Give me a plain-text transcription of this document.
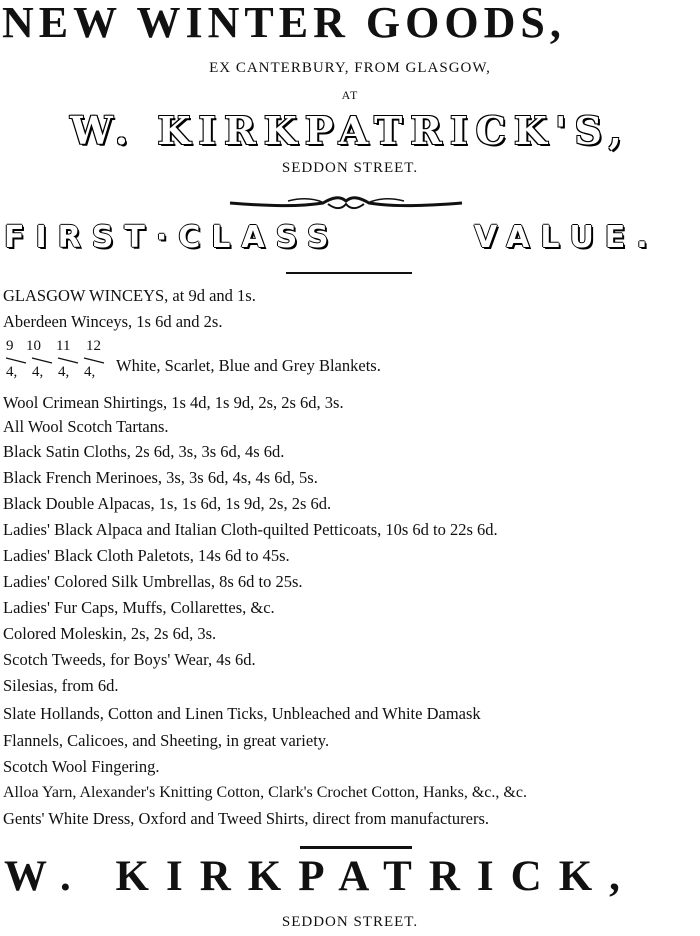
NEW WINTER GOODS,

EX CANTERBURY, FROM GLASGOW,

AT

W. KIRKPATRICK'S,

SEDDON STREET.

FIRST·CLASS	VALUE.

GLASGOW WINCEYS, at 9d and 1s.

Aberdeen Winceys, 1s 6d and 2s.

9 10 11 12
4, 4, 4, 4, White, Scarlet, Blue and Grey Blankets.

Wool Crimean Shirtings, 1s 4d, 1s 9d, 2s, 2s 6d, 3s.

All Wool Scotch Tartans.

Black Satin Cloths, 2s 6d, 3s, 3s 6d, 4s 6d.

Black French Merinoes, 3s, 3s 6d, 4s, 4s 6d, 5s.

Black Double Alpacas, 1s, 1s 6d, 1s 9d, 2s, 2s 6d.

Ladies' Black Alpaca and Italian Cloth-quilted Petticoats, 10s 6d to 22s 6d.

Ladies' Black Cloth Paletots, 14s 6d to 45s.

Ladies' Colored Silk Umbrellas, 8s 6d to 25s.

Ladies' Fur Caps, Muffs, Collarettes, &c.

Colored Moleskin, 2s, 2s 6d, 3s.

Scotch Tweeds, for Boys' Wear, 4s 6d.

Silesias, from 6d.

Slate Hollands, Cotton and Linen Ticks, Unbleached and White Damask

Flannels, Calicoes, and Sheeting, in great variety.

Scotch Wool Fingering.

Alloa Yarn, Alexander's Knitting Cotton, Clark's Crochet Cotton, Hanks, &c., &c.

Gents' White Dress, Oxford and Tweed Shirts, direct from manufacturers.

W. KIRKPATRICK,

SEDDON STREET.
